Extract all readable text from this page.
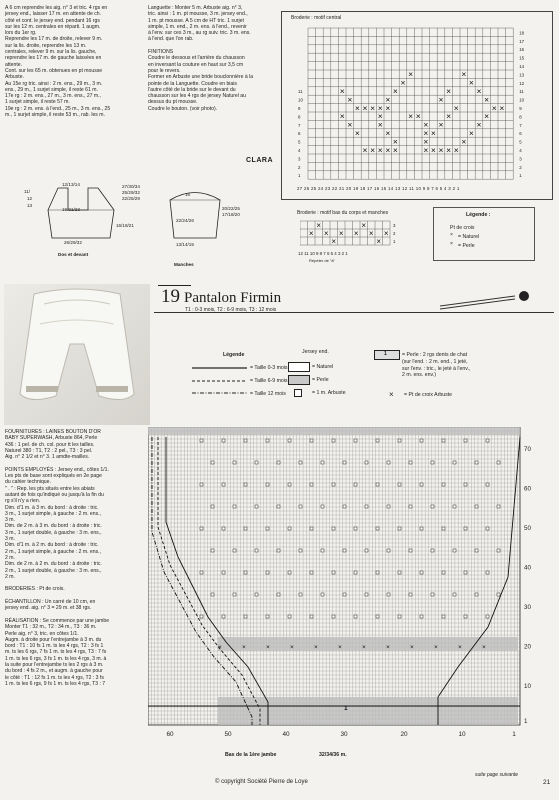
A 6 cm reprendre les aig. n° 3 et tric. 4 rgs en
jersey end., laisser 17 m. en attente de ch.
côté et cont. le jersey end. pendant 16 rgs
sur les 12 m. centrales en réparti. 1 augm.
lors du 1er rg.
Reprendre les 17 m. de droite, relever 9 m.
sur la lis. droite, reprendre les 13 m.
centrales, relever 9 m. sur la lis. gauche,
reprendre les 17 m. de gauche laissées en
attente.
Cont. sur les 65 m. obtenues en pt mousse
Arbuste.
Au 15e rg tric. ainsi : 2 m. ens., 29 m., 3 m.
ens., 29 m., 1 surjet simple, il reste 61 m.
17e rg : 2 m. ens., 27 m., 3 m. ens., 27 m.,
1 surjet simple, il reste 57 m.
19e rg : 2 m. ens. à l'end., 25 m., 3 m. ens., 25
m., 1 surjet simple, il reste 53 m., rab. les m.
Languette : Monter 5 m. Arbuste aig. n° 3,
tric. ainsi : 1 m. pt mousse, 3 m. jersey end.,
1 m. pt mousse. A 5 cm de HT tric. 1 surjet
simple, 1 m. end., 2 m. ens. à l'end., revenir
à l'env. sur ces 3 m., au rg suiv. tric. 3 m. ens.
à l'end. que l'on rab.

FINITIONS
Coudre le dessous et l'arrière du chausson
en inversant la couture en haut sur 3,5 cm
pour le revers.
Former en Arbuste une bride bouclonnière à la
pointe de la Languette. Coudre en biais
l'autre côté de la bride sur le devant du
chausson sur les 4 rgs de jersey Naturel au
dessus du pt mousse.
Coudre le bouton. (voir photo).
CLARA
11/
12
13
12/13/14
19/21/23
27/30/34
25/29/32
22/25/29
16/18/21
26/29/32
Dos et devant
16
20/22/25
17/18/20
22/24/26
13/14/15
Manches
Broderie : motif central
×
×
× × × × ×
×
×
×
×
×
×
×
×
× × × × ×
× ×
×
×
×
×
×
×
×
× × × × ×
×
×
×
×
×
×
×
×
× ×
×
×
×
×
×
18
17
16
15
14
13
12
11
10
9
8
7
6
5
4
3
2
1
11
10
9
8
7
6
5
4
3
2
1
27 26 25 24 23 22 21 20 19 18 17 16 15 14 13 12 11 10 9 8 7 6 5 4 3 2 1
Broderie : motif bas du corps et manches
×
×
×
×
×
×
×
×
×	×
3
2
1
12 11 10 9 8 7 6 5 4 3 2 1
Répéter de "à"
Légende :
Pt de croix
× = Naturel
× = Perle
19 Pantalon Firmin
T1 : 0-3 mois, T2 : 6-9 mois, T3 : 12 mois
Légende
= Taille 0-3 mois
= Taille 6-9 mois
= Taille 12 mois
Jersey end.
= Naturel
= Perle
= 1 m. Arbuste
1	= Perle : 2 rgs dents de chat
(sur l'end. : 2 m. end., 1 jeté,
sur l'env. : tric., le jeté à l'env.,
2 m. ens. env.)
× = Pt de croix Arbuste
FOURNITURES : LAINES BOUTON D'OR
BABY SUPERWASH, Arbuste 864, Perle
436 : 1 pel. de ch. col. pour tt les tailles.
Naturel 380 : T1, T2 : 2 pel., T3 : 3 pel.
Aig. n° 2 1/2 et n° 3. 1 amdte-mailles.

POINTS EMPLOYÉS : Jersey end., côtes 1/1.
Les pts de base sont expliqués en 2e page
du cahier technique.
" . " : Rep. les pts situés entre les abiats
autant de fois qu'indiqué ou jusqu'à la fin du
rg s'il n'y a rien.
Dim. d'1 m. à 3 m. du bord : à droite : tric.
3 m., 1 surjet simple, à gauche : 2 m. ens.,
3 m.
Dim. de 2 m. à 3 m. du bord : à droite : tric.
3 m., 1 surjet double, à gauche : 3 m. ens.,
3 m.
Dim. d'1 m. à 2 m. du bord : à droite : tric.
2 m., 1 surjet simple, à gauche : 2 m. ens.,
2 m.
Dim. de 2 m. à 2 m. du bord : à droite : tric.
2 m., 1 surjet double, à gauche : 3 m. ens.,
2 m.

BRODERIES : Pt de croix.

ÉCHANTILLON : Un carré de 10 cm, en
jersey end. aig. n° 3 = 29 m. et 38 rgs.

RÉALISATION : Se commence par une jambe
Monter T1 : 32 m., T2 : 34 m., T3 : 36 m.
Perle aig. n° 3, tric. en côtes 1/1.
Augm. à droite pour l'entrejambe à 3 m. du
bord : T1 : 10 fs 1 m. ts les 4 rgs, T2 : 3 fs 1
m. ts les 6 rgs, 7 fs 1 m. ts les 4 rgs, T3 : 7 fs
1 m. ts les 6 rgs, 3 fs 1 m. ts les 4 rgs, 3 m. à
la suite pour l'entrejambe ts les 2 rgs à 3 m.
du bord : 4 fs 2 m., et augm. à gauche pour
le côté : T1 : 12 fs 1 m. ts les 4 rgs, T2 : 3 fs
1 m. ts les 6 rgs, 9 fs 1 m. ts les 4 rgs, T3 : 7
×	×	×	×	×	×	×	×	×	×	×	×
70
60
50
40
30
20
10
1
60	50	40	30	20	10	1
1
Bas de la 1ère jambe	32/34/36 m.
© copyright Société Pierre de Loye
suite page suivante
21
